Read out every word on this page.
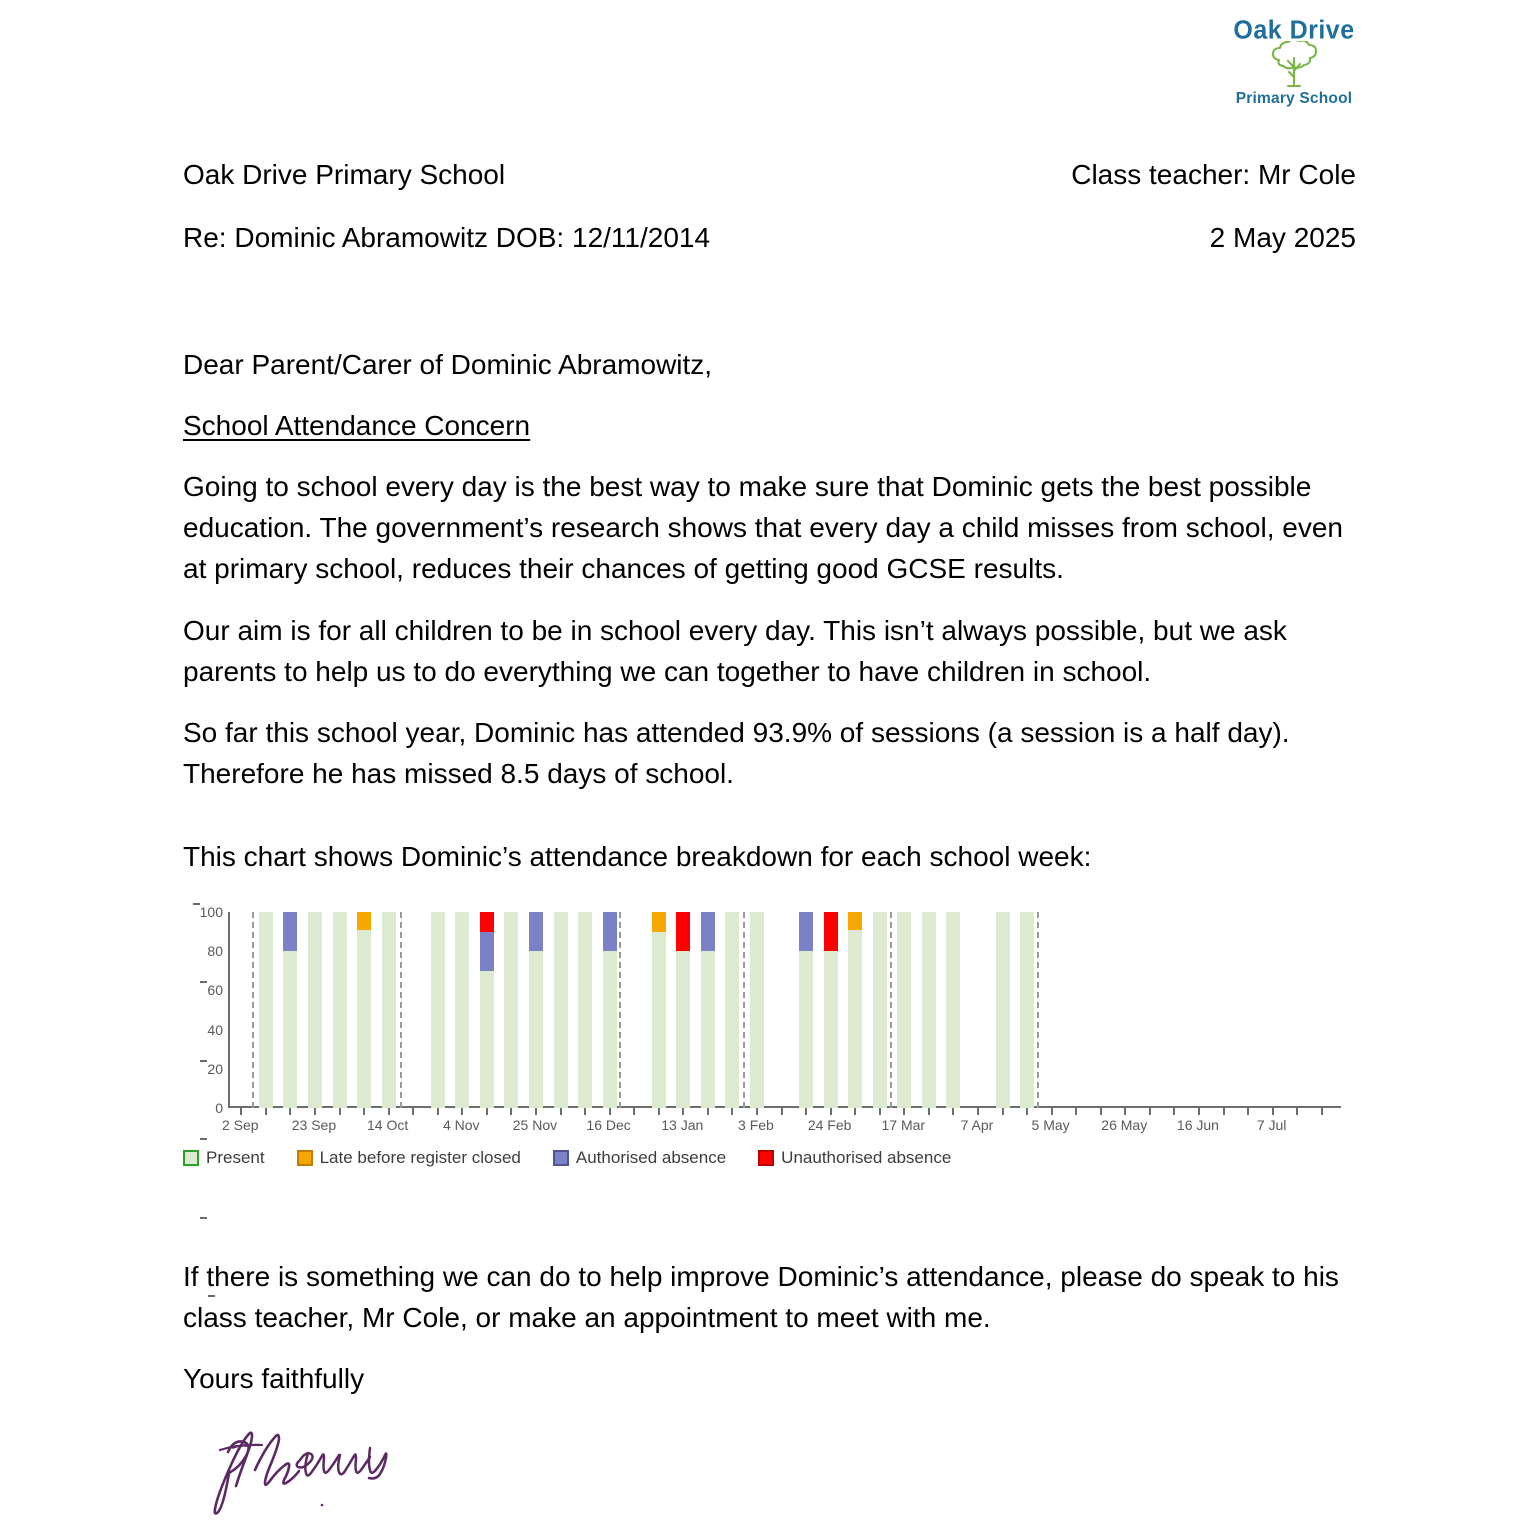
Oak Drive
Primary School
Oak Drive Primary School	Class teacher: Mr Cole
Re: Dominic Abramowitz DOB: 12/11/2014	2 May 2025
Dear Parent/Carer of Dominic Abramowitz,
School Attendance Concern
Going to school every day is the best way to make sure that Dominic gets the best possible education. The government’s research shows that every day a child misses from school, even at primary school, reduces their chances of getting good GCSE results.
Our aim is for all children to be in school every day. This isn’t always possible, but we ask parents to help us to do everything we can together to have children in school.
So far this school year, Dominic has attended 93.9% of sessions (a session is a half day). Therefore he has missed 8.5 days of school.
This chart shows Dominic’s attendance breakdown for each school week:
0
20
40
60
80
100
2 Sep 23 Sep 14 Oct 4 Nov 25 Nov 16 Dec 13 Jan 3 Feb 24 Feb 17 Mar	7 Apr	5 May 26 May 16 Jun	7 Jul
Present	Late before register closed	Authorised absence	Unauthorised absence
If there is something we can do to help improve Dominic’s attendance, please do speak to his class teacher, Mr Cole, or make an appointment to meet with me.
Yours faithfully
